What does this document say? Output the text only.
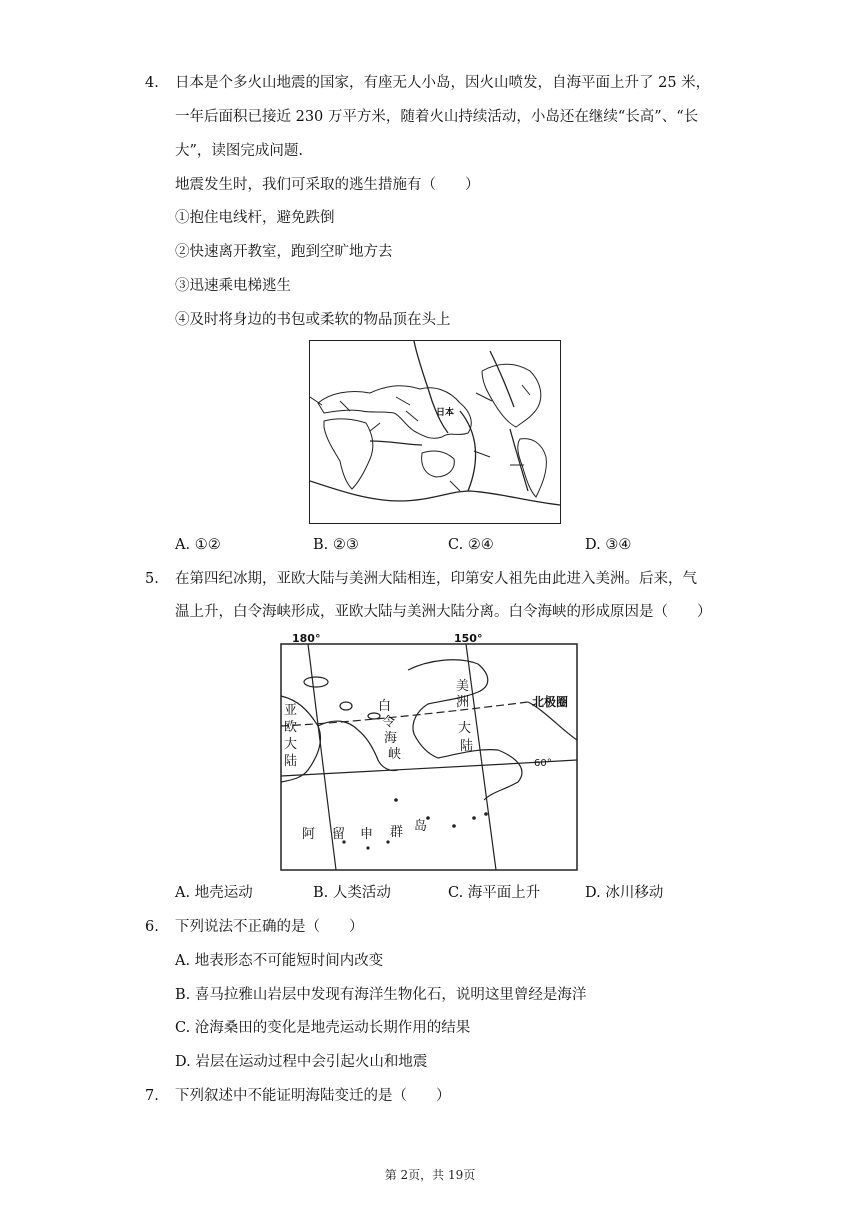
4. 日本是个多火山地震的国家，有座无人小岛，因火山喷发，自海平面上升了 25 米，
一年后面积已接近 230 万平方米，随着火山持续活动，小岛还在继续“长高”、“长
大”，读图完成问题.
地震发生时，我们可采取的逃生措施有（　　）
①抱住电线杆，避免跌倒
②快速离开教室，跑到空旷地方去
③迅速乘电梯逃生
④及时将身边的书包或柔软的物品顶在头上
日本
A. ①②	B. ②③	C. ②④	D. ③④
5. 在第四纪冰期，亚欧大陆与美洲大陆相连，印第安人祖先由此进入美洲。后来，气
温上升，白令海峡形成，亚欧大陆与美洲大陆分离。白令海峡的形成原因是（　　）
180°	150°
60°
北极圈
亚
欧
大
陆
白
令
海
峡
美
洲
大
陆
阿 留 申 群 岛
A. 地壳运动	B. 人类活动	C. 海平面上升	D. 冰川移动
6. 下列说法不正确的是（　　）
A. 地表形态不可能短时间内改变
B. 喜马拉雅山岩层中发现有海洋生物化石，说明这里曾经是海洋
C. 沧海桑田的变化是地壳运动长期作用的结果
D. 岩层在运动过程中会引起火山和地震
7. 下列叙述中不能证明海陆变迁的是（　　）
第 2页，共 19页
